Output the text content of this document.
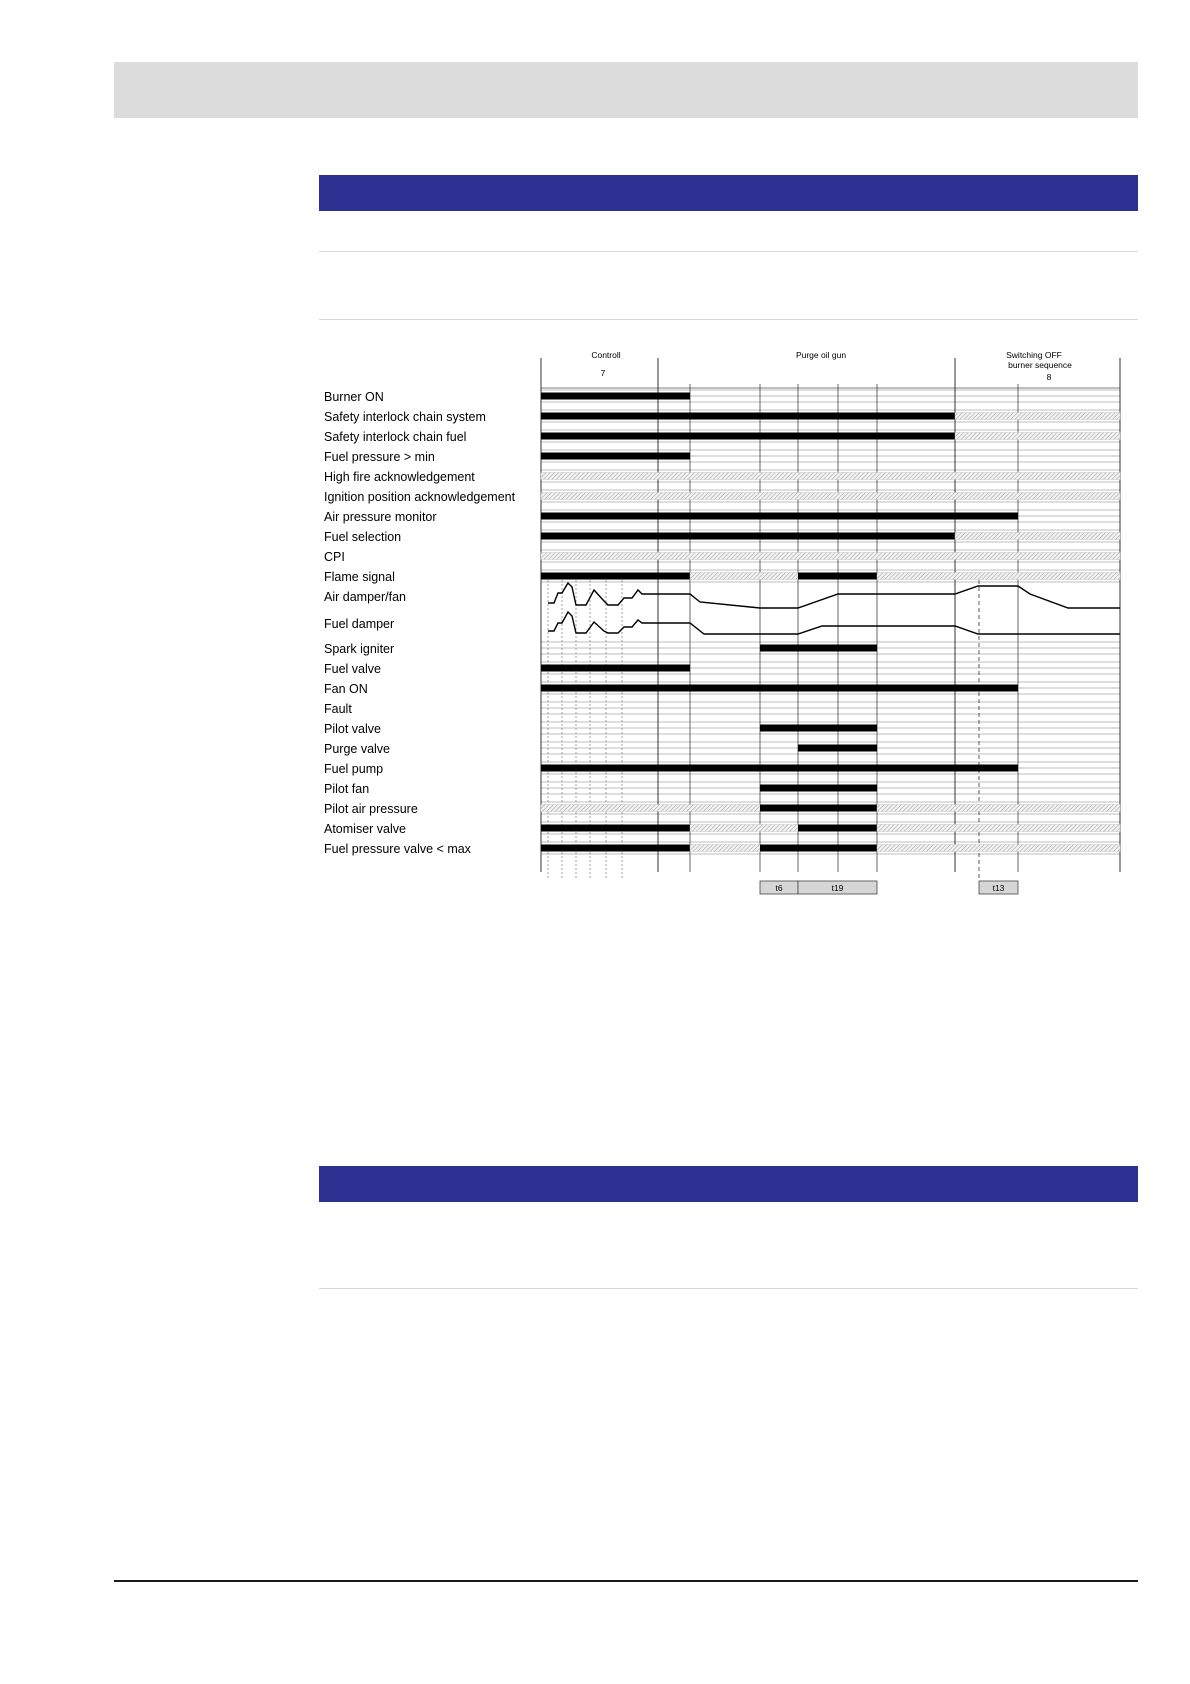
Burner ON
Safety interlock chain system
Safety interlock chain fuel
Fuel pressure > min
High fire acknowledgement
Ignition position acknowledgement
Air pressure monitor
Fuel selection
CPI
Flame signal
Air damper/fan
Fuel damper
Spark igniter
Fuel valve
Fan ON
Fault
Pilot valve
Purge valve
Fuel pump
Pilot fan
Pilot air pressure
Atomiser valve
Fuel pressure valve < max
Controll
7
Purge oil gun	Switching OFF
burner sequence
8
t6	t19	t13
